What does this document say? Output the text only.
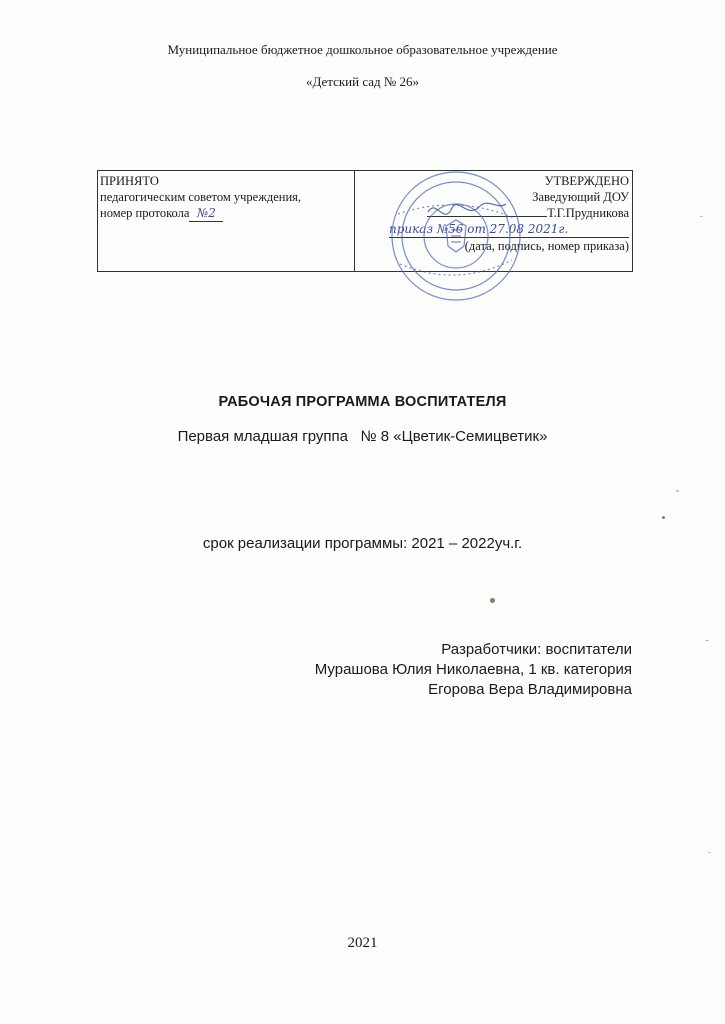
Муниципальное бюджетное дошкольное образовательное учреждение
«Детский сад № 26»
ПРИНЯТО
педагогическим советом учреждения,
номер протокола №2
УТВЕРЖДЕНО
Заведующий ДОУ
Т.Г.Прудникова
приказ №56 от 27.08 2021г.
(дата, подпись, номер приказа)
РАБОЧАЯ ПРОГРАММА ВОСПИТАТЕЛЯ
Первая младшая группа   № 8 «Цветик-Семицветик»
срок реализации программы: 2021 – 2022уч.г.
Разработчики: воспитатели
Мурашова Юлия Николаевна, 1 кв. категория
Егорова Вера Владимировна
2021
